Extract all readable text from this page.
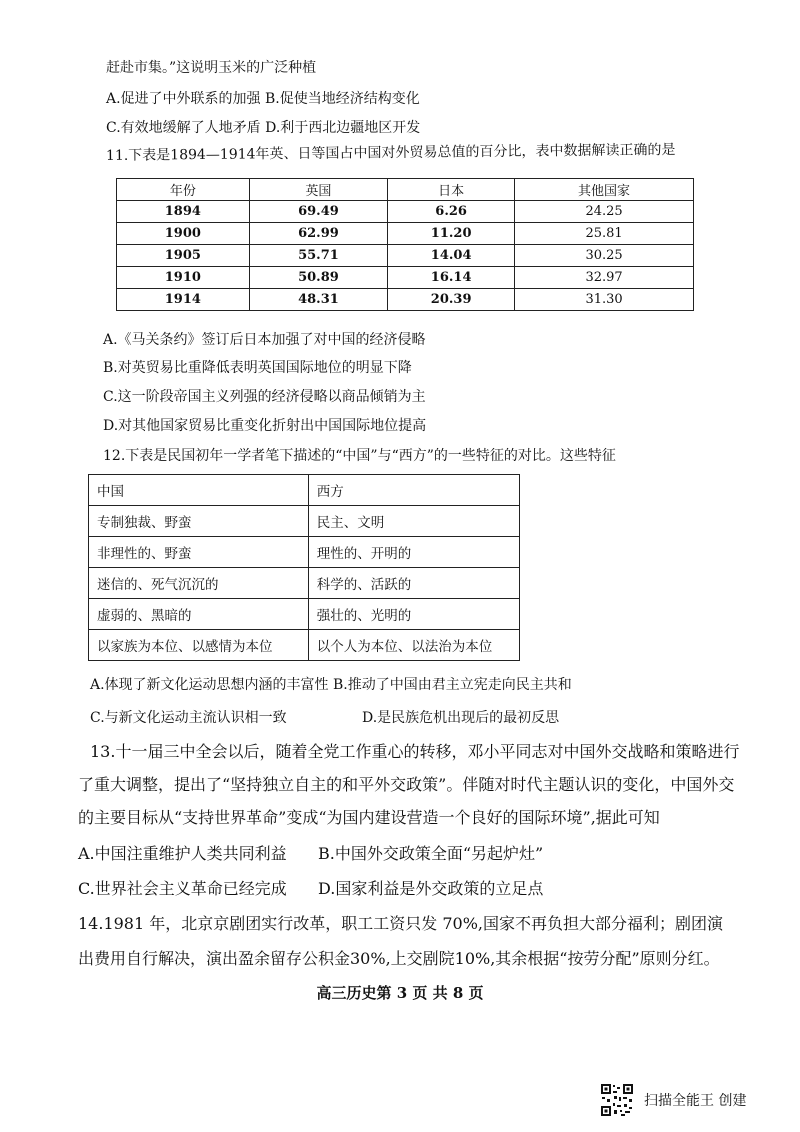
赶赴市集。”这说明玉米的广泛种植
A.促进了中外联系的加强 B.促使当地经济结构变化
C.有效地缓解了人地矛盾 D.利于西北边疆地区开发
11.下表是1894—1914年英、日等国占中国对外贸易总值的百分比，表中数据解读正确的是
年份	英国	日本	其他国家
1894	69.49	6.26	24.25
1900	62.99	11.20	25.81
1905	55.71	14.04	30.25
1910	50.89	16.14	32.97
1914	48.31	20.39	31.30
A.《马关条约》签订后日本加强了对中国的经济侵略
B.对英贸易比重降低表明英国国际地位的明显下降
C.这一阶段帝国主义列强的经济侵略以商品倾销为主
D.对其他国家贸易比重变化折射出中国国际地位提高
12.下表是民国初年一学者笔下描述的“中国”与“西方”的一些特征的对比。这些特征
中国	西方
专制独裁、野蛮	民主、文明
非理性的、野蛮	理性的、开明的
迷信的、死气沉沉的	科学的、活跃的
虚弱的、黑暗的	强壮的、光明的
以家族为本位、以感情为本位	以个人为本位、以法治为本位
A.体现了新文化运动思想内涵的丰富性 B.推动了中国由君主立宪走向民主共和
C.与新文化运动主流认识相一致	D.是民族危机出现后的最初反思
13.十一届三中全会以后，随着全党工作重心的转移，邓小平同志对中国外交战略和策略进行
了重大调整，提出了“坚持独立自主的和平外交政策”。伴随对时代主题认识的变化，中国外交
的主要目标从“支持世界革命”变成“为国内建设营造一个良好的国际环境”,据此可知
A.中国注重维护人类共同利益 B.中国外交政策全面“另起炉灶”
C.世界社会主义革命已经完成 D.国家利益是外交政策的立足点
14.1981 年，北京京剧团实行改革，职工工资只发 70%,国家不再负担大部分福利；剧团演
出费用自行解决，演出盈余留存公积金30%,上交剧院10%,其余根据“按劳分配”原则分红。
高三历史第 3 页 共 8 页
扫描全能王 创建
